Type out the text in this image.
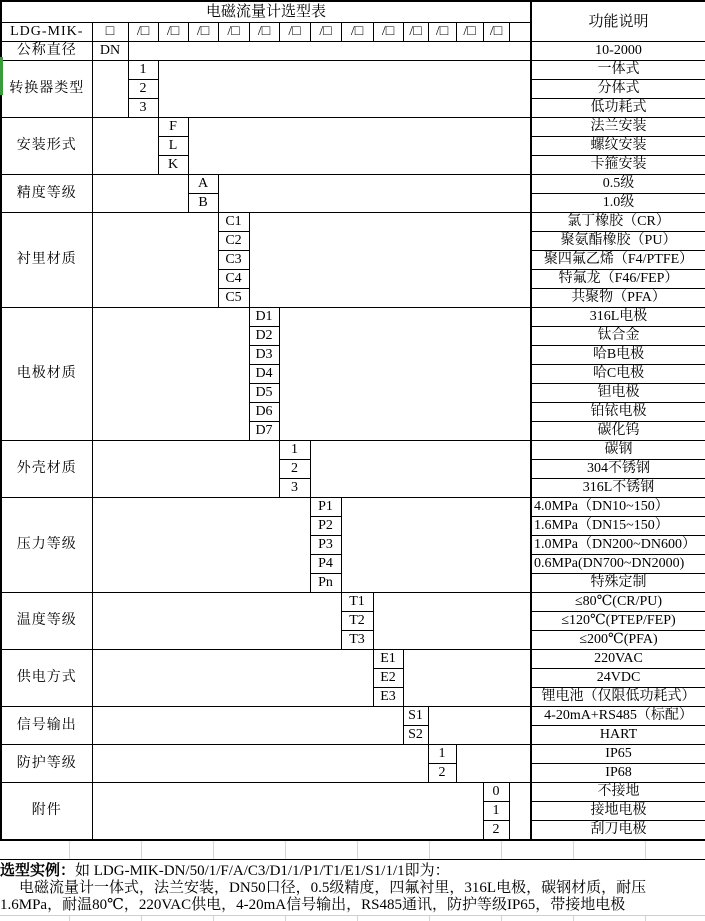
电磁流量计选型表																功能说明
LDG-MIK-	□	/□	/□	/□	/□	/□	/□	/□	/□	/□	/□	/□	/□	/□		
公称直径	DN															10-2000
转换器类型		1														一体式
		2														分体式
		3														低功耗式
安装形式			F													法兰安装
			L													螺纹安装
			K													卡箍安装
精度等级				A												0.5级
				B												1.0级
衬里材质					C1											氯丁橡胶（CR）
					C2											聚氨酯橡胶（PU）
					C3											聚四氟乙烯（F4/PTFE）
					C4											特氟龙（F46/FEP）
					C5											共聚物（PFA）
电极材质						D1										316L电极
						D2										钛合金
						D3										哈B电极
						D4										哈C电极
						D5										钽电极
						D6										铂铱电极
						D7										碳化钨
外壳材质							1									碳钢
							2									304不锈钢
							3									316L不锈钢
压力等级								P1								4.0MPa（DN10~150）
								P2								1.6MPa（DN15~150）
								P3								1.0MPa（DN200~DN600）
								P4								0.6MPa(DN700~DN2000)
								Pn								特殊定制
温度等级									T1							≤80℃(CR/PU)
									T2							≤120℃(PTEP/FEP)
									T3							≤200℃(PFA)
供电方式										E1						220VAC
										E2						24VDC
										E3						锂电池（仅限低功耗式）
信号输出											S1					4-20mA+RS485（标配）
											S2					HART
防护等级												1				IP65
												2				IP68
附件														0		不接地
														1		接地电极
														2		刮刀电极
选型实例：如 LDG-MIK-DN/50/1/F/A/C3/D1/1/P1/T1/E1/S1/1/1即为：
电磁流量计一体式，法兰安装，DN50口径，0.5级精度，四氟衬里，316L电极，碳钢材质，耐压
1.6MPa，耐温80℃，220VAC供电，4-20mA信号输出，RS485通讯，防护等级IP65，带接地电极
